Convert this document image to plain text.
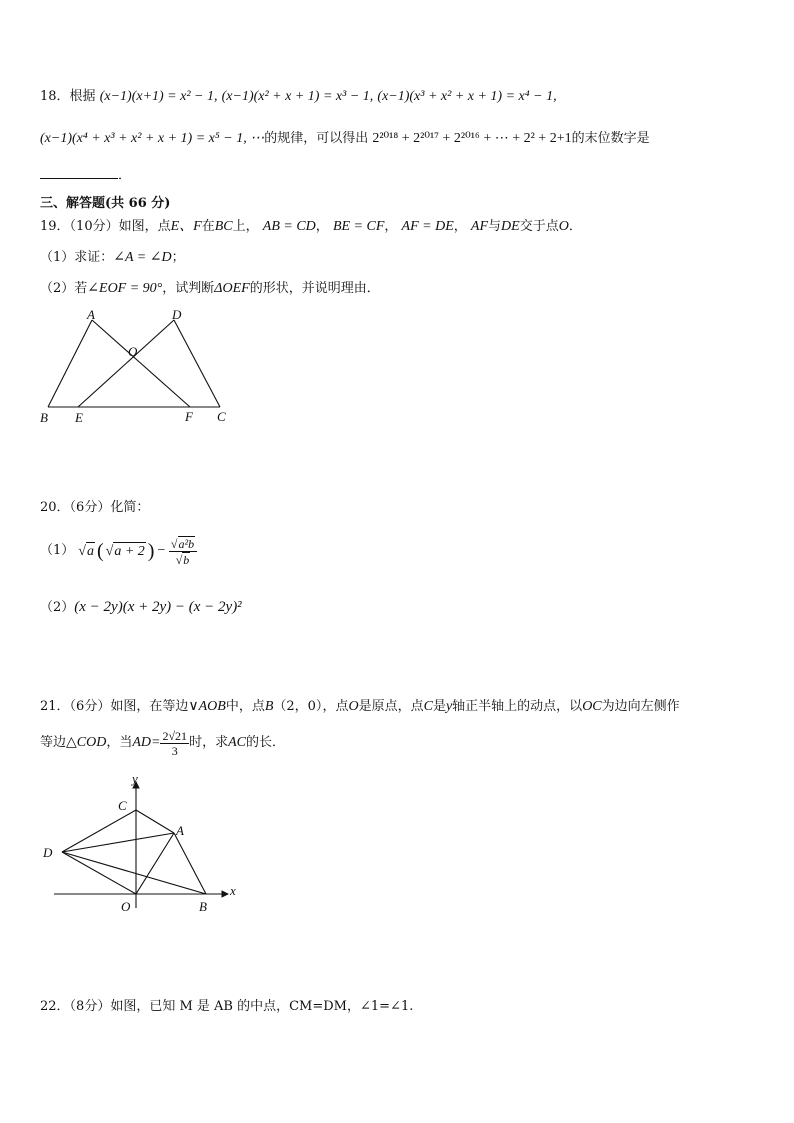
18．根据 (x−1)(x+1) = x² − 1, (x−1)(x² + x + 1) = x³ − 1, (x−1)(x³ + x² + x + 1) = x⁴ − 1,
(x−1)(x⁴ + x³ + x² + x + 1) = x⁵ − 1, ⋯的规律，可以得出 2²⁰¹⁸ + 2²⁰¹⁷ + 2²⁰¹⁶ + ⋯ + 2² + 2+1的末位数字是
．
三、解答题(共 66 分)
19．（10分）如图，点E、F在BC上， AB = CD， BE = CF， AF = DE， AF与DE交于点O．
（1）求证：∠A = ∠D；
（2）若∠EOF = 90°，试判断ΔOEF的形状，并说明理由．
A	D
O
B E	F C
20．（6分）化简：
（1） √a ( √a + 2 ) − $\frac{\text{√a²b}}{√b}$
（2）(x − 2y)(x + 2y) − (x − 2y)²
21．（6分）如图，在等边∨AOB中，点B（2，0），点O是原点，点C是y轴正半轴上的动点，以OC为边向左侧作
等边 △COD ，当 $AD= \frac{2√21}{3}$ 时，求 AC 的长．
y
x
C
A
D
O	B
22．（8分）如图，已知 M 是 AB 的中点，CM=DM，∠1=∠1.
